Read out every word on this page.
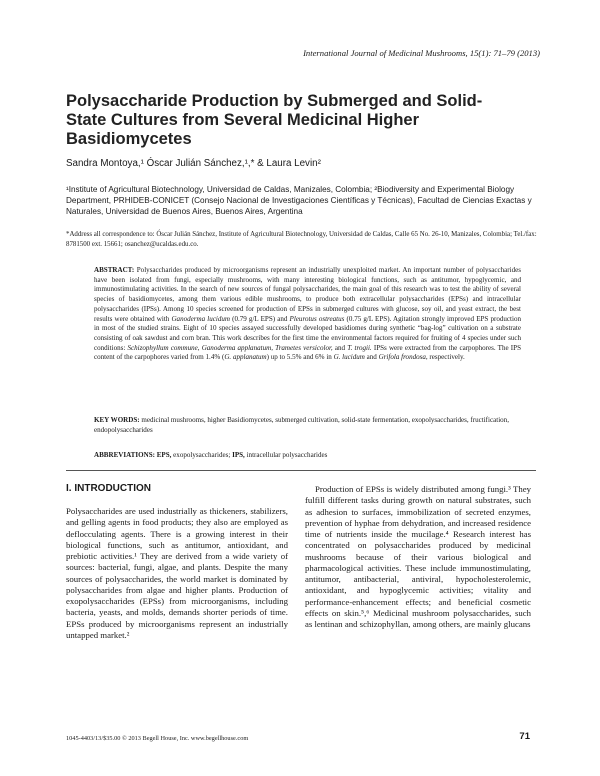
International Journal of Medicinal Mushrooms, 15(1): 71–79 (2013)
Polysaccharide Production by Submerged and Solid-State Cultures from Several Medicinal Higher Basidiomycetes
Sandra Montoya,¹ Óscar Julián Sánchez,¹,* & Laura Levin²
¹Institute of Agricultural Biotechnology, Universidad de Caldas, Manizales, Colombia; ²Biodiversity and Experimental Biology Department, PRHIDEB-CONICET (Consejo Nacional de Investigaciones Científicas y Técnicas), Facultad de Ciencias Exactas y Naturales, Universidad de Buenos Aires, Buenos Aires, Argentina
*Address all correspondence to: Óscar Julián Sánchez, Institute of Agricultural Biotechnology, Universidad de Caldas, Calle 65 No. 26-10, Manizales, Colombia; Tel./fax: 8781500 ext. 15661; osanchez@ucaldas.edu.co.
ABSTRACT: Polysaccharides produced by microorganisms represent an industrially unexploited market. An important number of polysaccharides have been isolated from fungi, especially mushrooms, with many interesting biological functions, such as antitumor, hypoglycemic, and immunostimulating activities. In the search of new sources of fungal polysaccharides, the main goal of this research was to test the ability of several species of basidiomycetes, among them various edible mushrooms, to produce both extracellular polysaccharides (EPSs) and intracellular polysaccharides (IPSs). Among 10 species screened for production of EPSs in submerged cultures with glucose, soy oil, and yeast extract, the best results were obtained with Ganoderma lucidum (0.79 g/L EPS) and Pleurotus ostreatus (0.75 g/L EPS). Agitation strongly improved EPS production in most of the studied strains. Eight of 10 species assayed successfully developed basidiomes during synthetic “bag-log” cultivation on a substrate consisting of oak sawdust and corn bran. This work describes for the first time the environmental factors required for fruiting of 4 species under such conditions: Schizophyllum commune, Ganoderma applanatum, Trametes versicolor, and T. trogii. IPSs were extracted from the carpophores. The IPS content of the carpophores varied from 1.4% (G. applanatum) up to 5.5% and 6% in G. lucidum and Grifola frondosa, respectively.
KEY WORDS: medicinal mushrooms, higher Basidiomycetes, submerged cultivation, solid-state fermentation, exopolysaccharides, fructification, endopolysaccharides
ABBREVIATIONS: EPS, exopolysaccharides; IPS, intracellular polysaccharides
I. INTRODUCTION

Polysaccharides are used industrially as thickeners, stabilizers, and gelling agents in food products; they also are employed as deflocculating agents. There is a growing interest in their biological functions, such as antitumor, antioxidant, and prebiotic activities.¹ They are derived from a wide variety of sources: bacterial, fungi, algae, and plants. Despite the many sources of polysaccharides, the world market is dominated by polysaccharides from algae and higher plants. Production of exopolysaccharides (EPSs) from microorganisms, including bacteria, yeasts, and molds, demands shorter periods of time. EPSs produced by microorganisms represent an industrially untapped market.²

Production of EPSs is widely distributed among fungi.³ They fulfill different tasks during growth on natural substrates, such as adhesion to surfaces, immobilization of secreted enzymes, prevention of hyphae from dehydration, and increased residence time of nutrients inside the mucilage.⁴ Research interest has concentrated on polysaccharides produced by medicinal mushrooms because of their various biological and pharmacological activities. These include immunostimulating, antitumor, antibacterial, antiviral, hypocholesterolemic, antioxidant, and hypoglycemic activities; vitality and performance-enhancement effects; and beneficial cosmetic effects on skin.⁵,⁶ Medicinal mushroom polysaccharides, such as lentinan and schizophyllan, among others, are mainly glucans

1045-4403/13/$35.00 © 2013 Begell House, Inc. www.begellhouse.com	71
